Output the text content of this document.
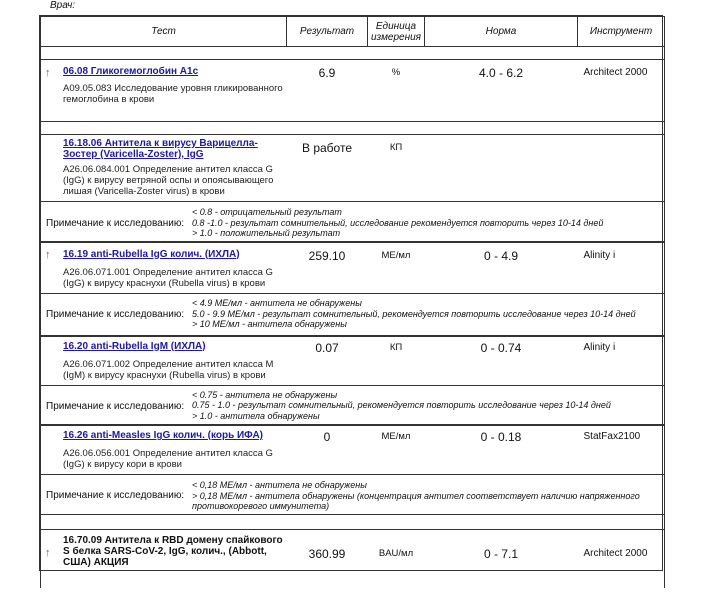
Врач:
Тест	Результат	Единица измерения	Норма	Инструмент

↑ 06.08 Гликогемоглобин A1c
A09.05.083 Исследование уровня гликированного гемоглобина в крови	6.9	%	4.0 - 6.2	Architect 2000

16.18.06 Антитела к вирусу Варицелла-Зостер (Varicella-Zoster), IgG
A26.06.084.001 Определение антител класса G (IgG) к вирусу ветряной оспы и опоясывающего лишая (Varicella-Zoster virus) в крови	В работе	КП		

Примечание к исследованию:
< 0.8 - отрицательный результат
0.8 -1.0 - результат сомнительный, исследование рекомендуется повторить через 10-14 дней
> 1.0 - положительный результат				

↑ 16.19 anti-Rubella IgG колич. (ИХЛА)
A26.06.071.001 Определение антител класса G (IgG) к вирусу краснухи (Rubella virus) в крови	259.10	МЕ/мл	0 - 4.9	Alinity i

Примечание к исследованию:
< 4.9 МЕ/мл - антитела не обнаружены
5.0 - 9.9 МЕ/мл - результат сомнительный, рекомендуется повторить исследование через 10-14 дней
> 10 МЕ/мл - антитела обнаружены				

16.20 anti-Rubella IgM (ИХЛА)
A26.06.071.002 Определение антител класса M (IgM) к вирусу краснухи (Rubella virus) в крови	0.07	КП	0 - 0.74	Alinity i

Примечание к исследованию:
< 0.75 - антитела не обнаружены
0.75 - 1.0 - результат сомнительный, рекомендуется повторить исследование через 10-14 дней
> 1.0 - антитела обнаружены				

16.26 anti-Measles IgG колич. (корь ИФА)
A26.06.056.001 Определение антител класса G (IgG) к вирусу кори в крови	0	МЕ/мл	0 - 0.18	StatFax2100

Примечание к исследованию:
< 0,18 МЕ/мл - антитела не обнаружены
> 0,18 МЕ/мл - антитела обнаружены (концентрация антител соответствует наличию напряженного противокоревого иммунитета)				

↑
16.70.09 Антитела к RBD домену спайкового S белка SARS-CoV-2, IgG, колич., (Abbott, США) АКЦИЯ	360.99	BAU/мл	0 - 7.1	Architect 2000
